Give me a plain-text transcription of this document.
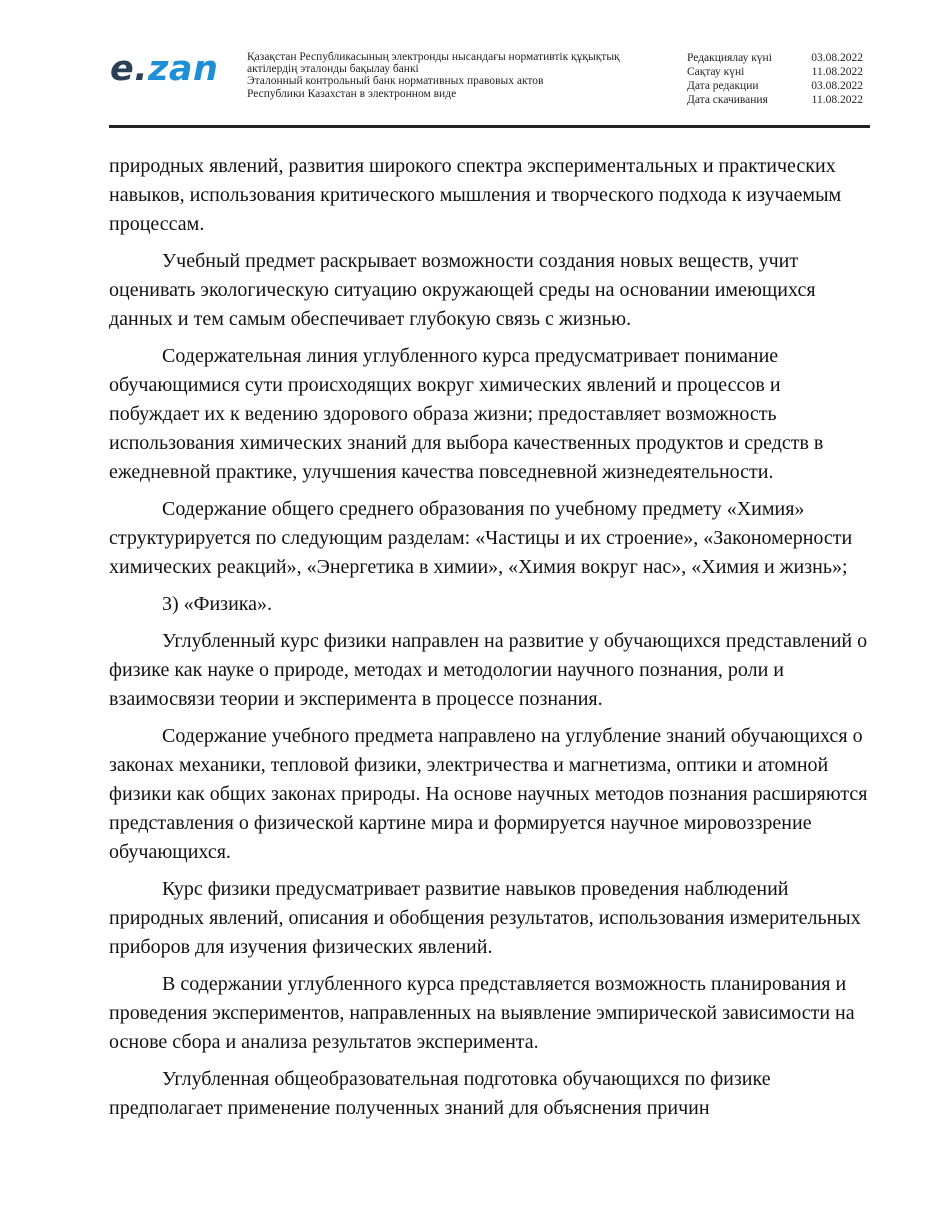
e.zan Қазақстан Республикасының электронды нысандағы нормативтік құқықтық
актілердің эталонды бақылау банкі
Эталонный контрольный банк нормативных правовых актов
Республики Казахстан в электронном виде
Редакциялау күні	03.08.2022
Сақтау күні	11.08.2022
Дата редакции	03.08.2022
Дата скачивания	11.08.2022

природных явлений, развития широкого спектра экспериментальных и практических навыков, использования критического мышления и творческого подхода к изучаемым процессам.

Учебный предмет раскрывает возможности создания новых веществ, учит оценивать экологическую ситуацию окружающей среды на основании имеющихся данных и тем самым обеспечивает глубокую связь с жизнью.

Содержательная линия углубленного курса предусматривает понимание обучающимися сути происходящих вокруг химических явлений и процессов и побуждает их к ведению здорового образа жизни; предоставляет возможность использования химических знаний для выбора качественных продуктов и средств в ежедневной практике, улучшения качества повседневной жизнедеятельности.

Содержание общего среднего образования по учебному предмету «Химия» структурируется по следующим разделам: «Частицы и их строение», «Закономерности химических реакций», «Энергетика в химии», «Химия вокруг нас», «Химия и жизнь»;

3) «Физика».

Углубленный курс физики направлен на развитие у обучающихся представлений о физике как науке о природе, методах и методологии научного познания, роли и взаимосвязи теории и эксперимента в процессе познания.

Содержание учебного предмета направлено на углубление знаний обучающихся о законах механики, тепловой физики, электричества и магнетизма, оптики и атомной физики как общих законах природы. На основе научных методов познания расширяются представления о физической картине мира и формируется научное мировоззрение обучающихся.

Курс физики предусматривает развитие навыков проведения наблюдений природных явлений, описания и обобщения результатов, использования измерительных приборов для изучения физических явлений.

В содержании углубленного курса представляется возможность планирования и проведения экспериментов, направленных на выявление эмпирической зависимости на основе сбора и анализа результатов эксперимента.

Углубленная общеобразовательная подготовка обучающихся по физике предполагает применение полученных знаний для объяснения причин
